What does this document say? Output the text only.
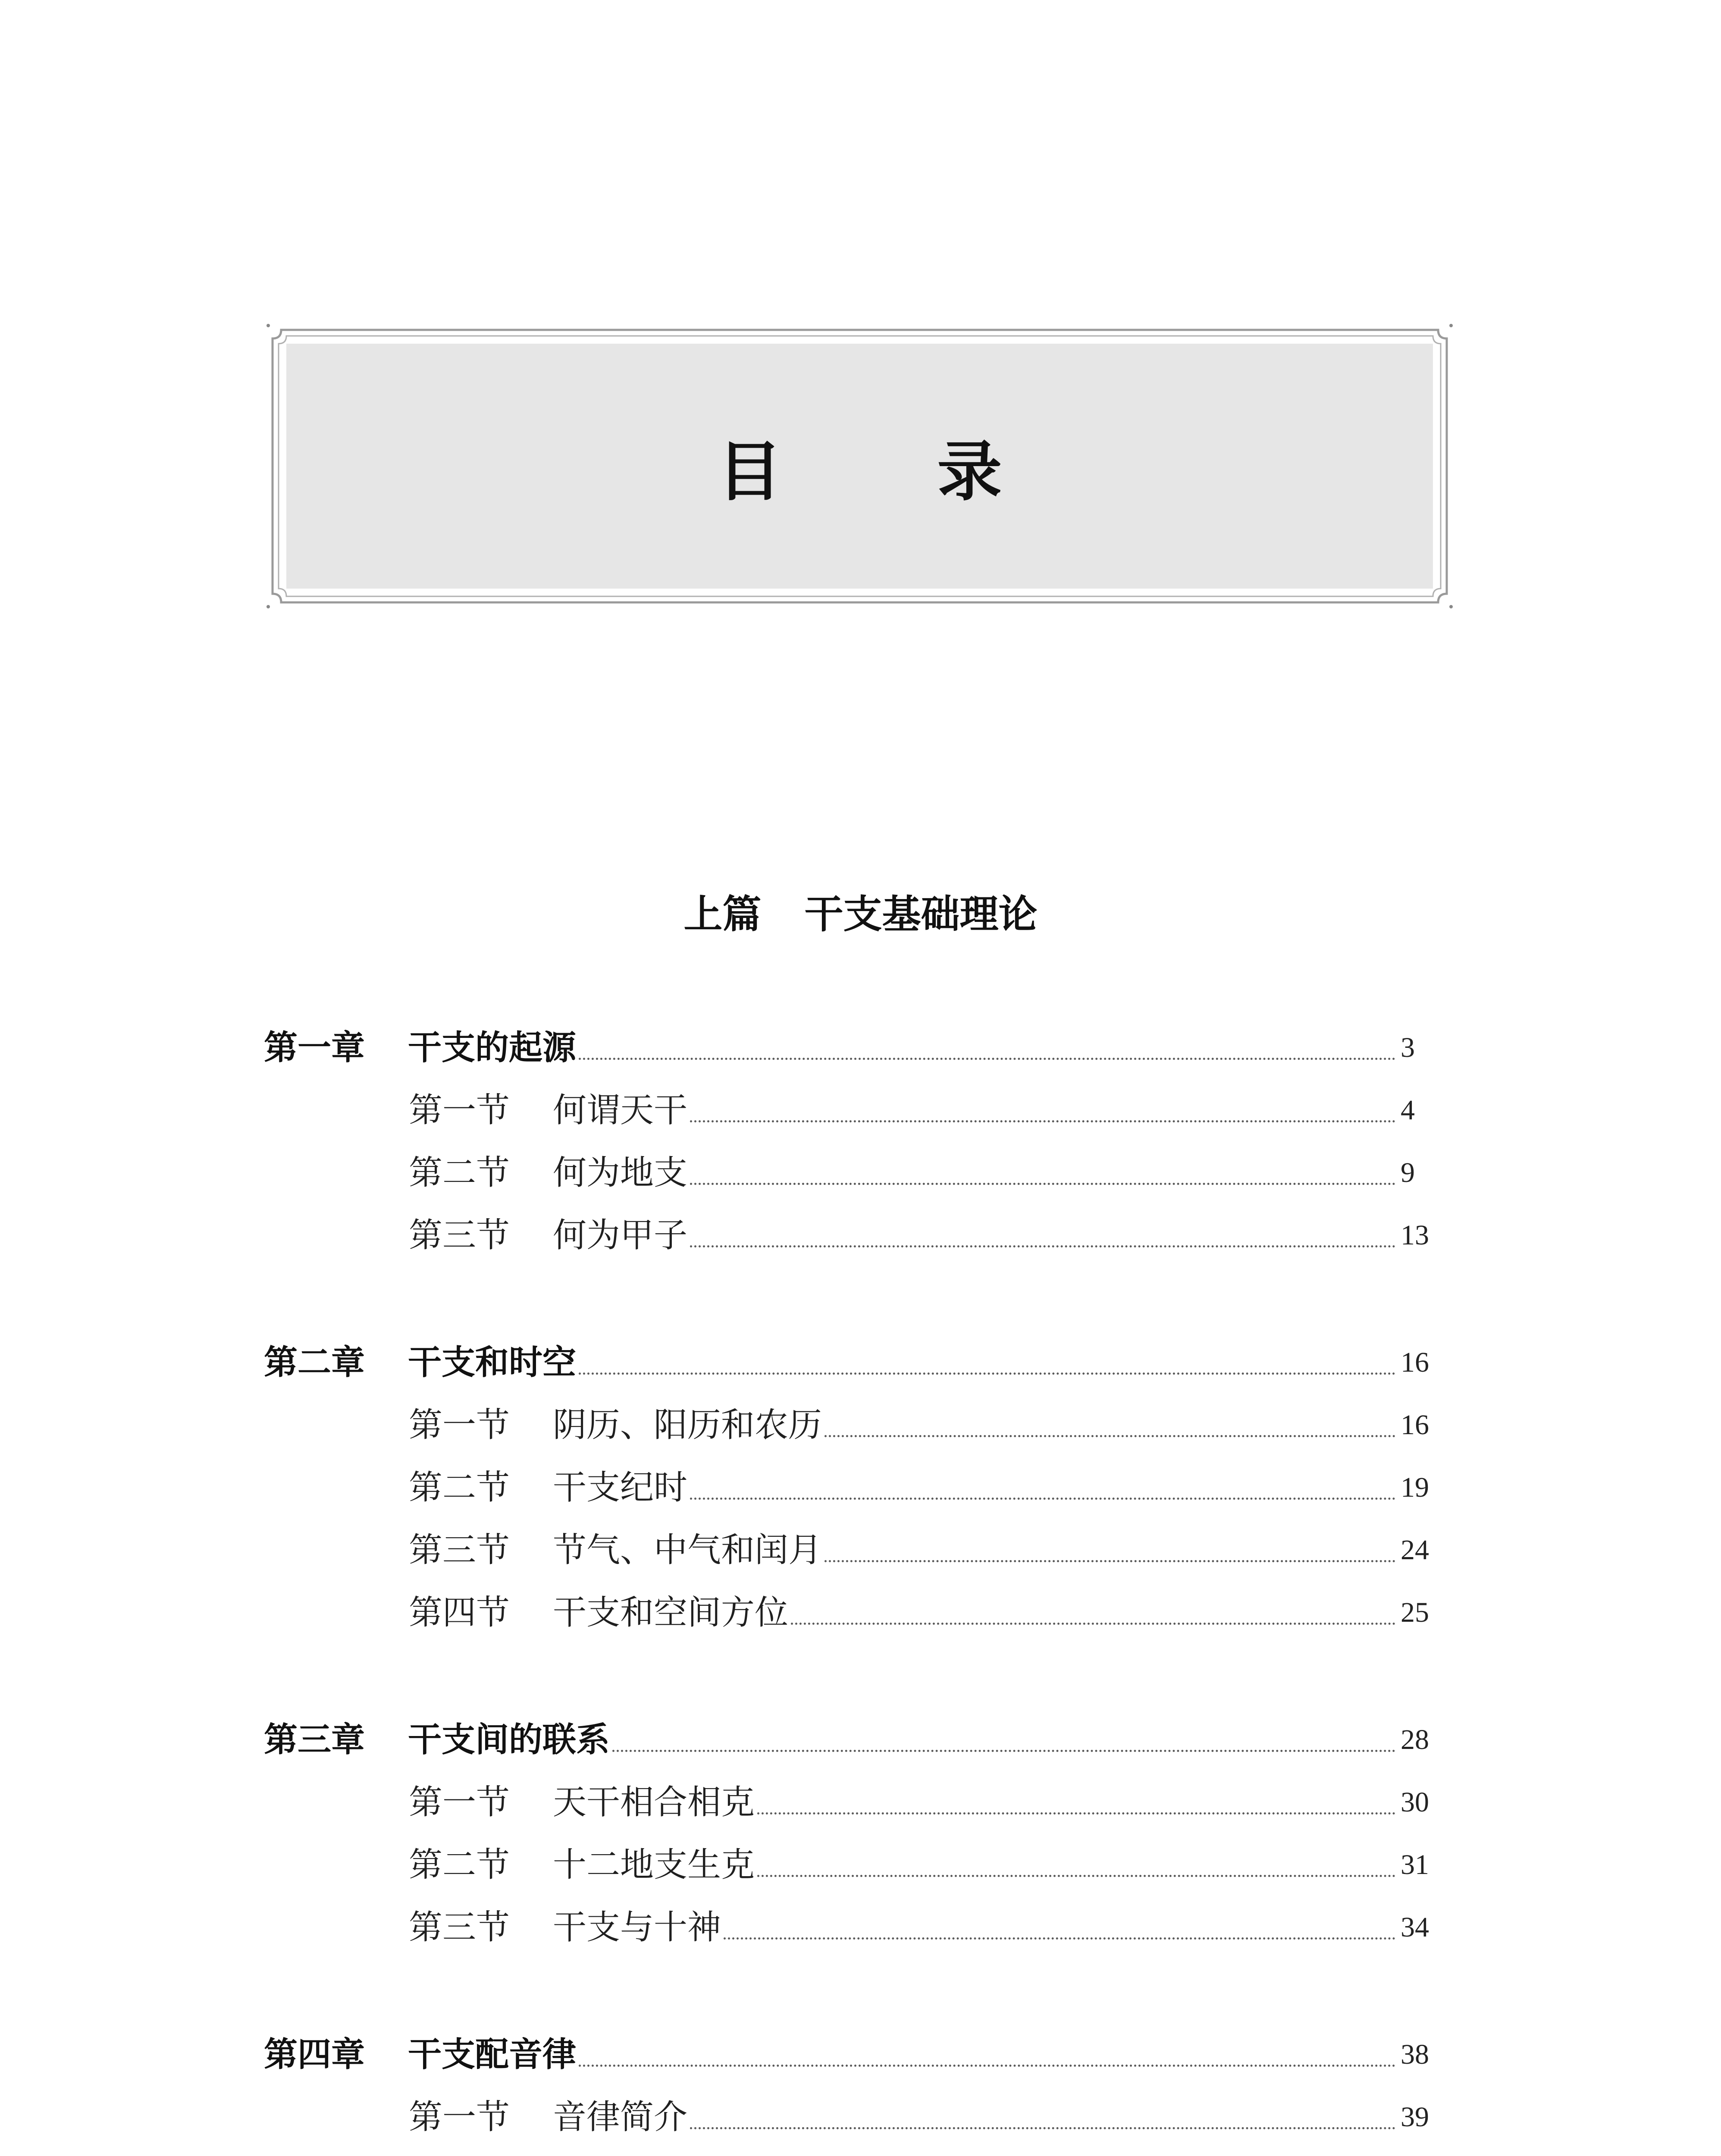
目录
上篇 干支基础理论
第一章 干支的起源	3
第一节 何谓天干	4
第二节 何为地支	9
第三节 何为甲子	13
第二章 干支和时空	16
第一节 阴历、阳历和农历	16
第二节 干支纪时	19
第三节 节气、中气和闰月	24
第四节 干支和空间方位	25
第三章 干支间的联系	28
第一节 天干相合相克	30
第二节 十二地支生克	31
第三节 干支与十神	34
第四章 干支配音律	38
第一节 音律简介	39
